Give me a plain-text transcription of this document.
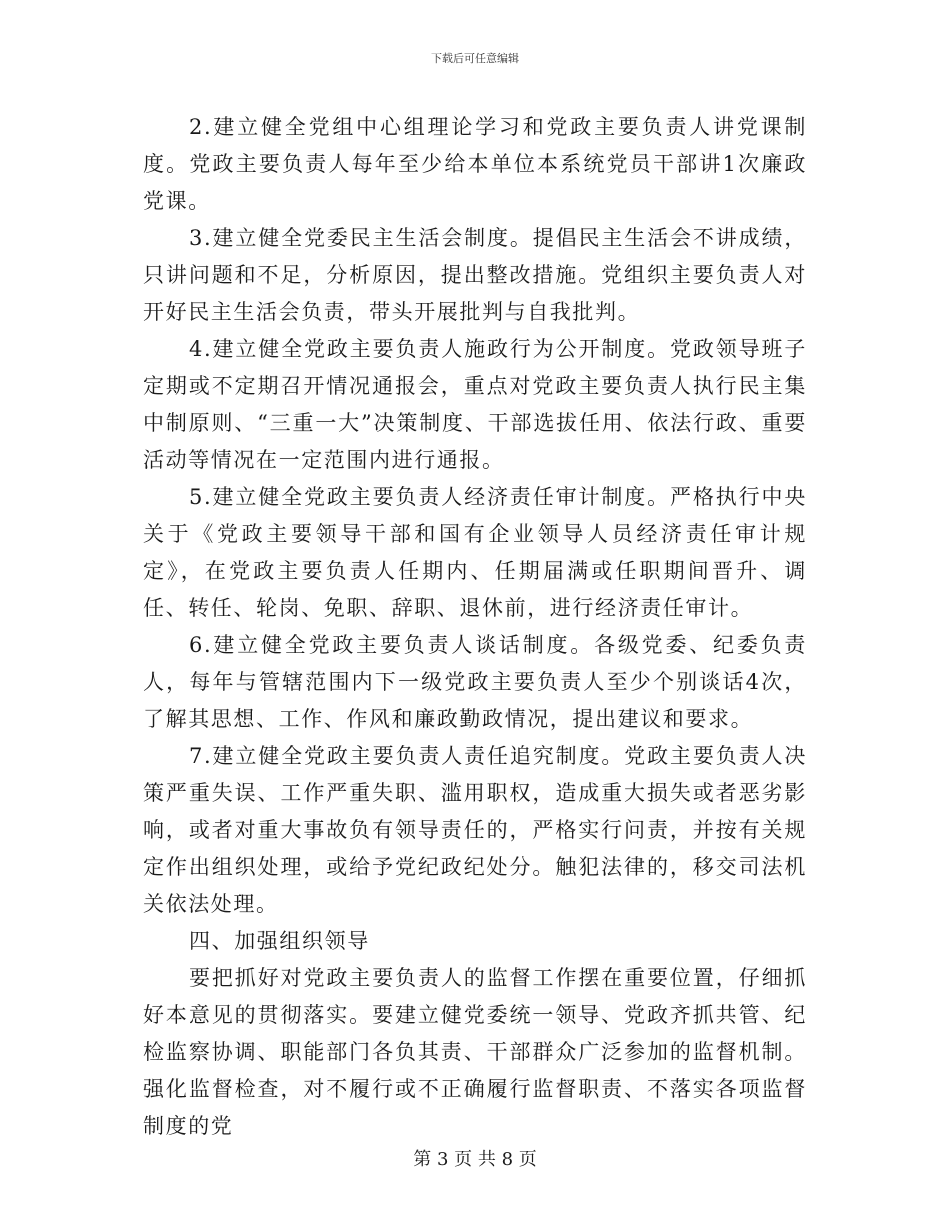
下载后可任意编辑

2.建立健全党组中心组理论学习和党政主要负责人讲党课制度。党政主要负责人每年至少给本单位本系统党员干部讲1次廉政党课。

3.建立健全党委民主生活会制度。提倡民主生活会不讲成绩，只讲问题和不足，分析原因，提出整改措施。党组织主要负责人对开好民主生活会负责，带头开展批判与自我批判。

4.建立健全党政主要负责人施政行为公开制度。党政领导班子定期或不定期召开情况通报会，重点对党政主要负责人执行民主集中制原则、“三重一大”决策制度、干部选拔任用、依法行政、重要活动等情况在一定范围内进行通报。

5.建立健全党政主要负责人经济责任审计制度。严格执行中央关于《党政主要领导干部和国有企业领导人员经济责任审计规定》，在党政主要负责人任期内、任期届满或任职期间晋升、调任、转任、轮岗、免职、辞职、退休前，进行经济责任审计。

6.建立健全党政主要负责人谈话制度。各级党委、纪委负责人，每年与管辖范围内下一级党政主要负责人至少个别谈话4次，了解其思想、工作、作风和廉政勤政情况，提出建议和要求。

7.建立健全党政主要负责人责任追究制度。党政主要负责人决策严重失误、工作严重失职、滥用职权，造成重大损失或者恶劣影响，或者对重大事故负有领导责任的，严格实行问责，并按有关规定作出组织处理，或给予党纪政纪处分。触犯法律的，移交司法机关依法处理。

四、加强组织领导

要把抓好对党政主要负责人的监督工作摆在重要位置，仔细抓好本意见的贯彻落实。要建立健党委统一领导、党政齐抓共管、纪检监察协调、职能部门各负其责、干部群众广泛参加的监督机制。强化监督检查，对不履行或不正确履行监督职责、不落实各项监督制度的党

第 3 页 共 8 页
